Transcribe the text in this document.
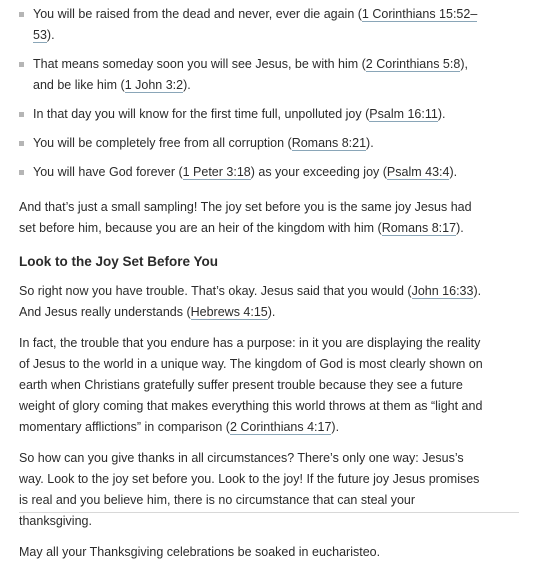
You will be raised from the dead and never, ever die again (1 Corinthians 15:52–53).
That means someday soon you will see Jesus, be with him (2 Corinthians 5:8), and be like him (1 John 3:2).
In that day you will know for the first time full, unpolluted joy (Psalm 16:11).
You will be completely free from all corruption (Romans 8:21).
You will have God forever (1 Peter 3:18) as your exceeding joy (Psalm 43:4).

And that’s just a small sampling! The joy set before you is the same joy Jesus had set before him, because you are an heir of the kingdom with him (Romans 8:17).

Look to the Joy Set Before You

So right now you have trouble. That’s okay. Jesus said that you would (John 16:33). And Jesus really understands (Hebrews 4:15).

In fact, the trouble that you endure has a purpose: in it you are displaying the reality of Jesus to the world in a unique way. The kingdom of God is most clearly shown on earth when Christians gratefully suffer present trouble because they see a future weight of glory coming that makes everything this world throws at them as “light and momentary afflictions” in comparison (2 Corinthians 4:17).

So how can you give thanks in all circumstances? There’s only one way: Jesus’s way. Look to the joy set before you. Look to the joy! If the future joy Jesus promises is real and you believe him, there is no circumstance that can steal your thanksgiving.

May all your Thanksgiving celebrations be soaked in eucharisteo.
